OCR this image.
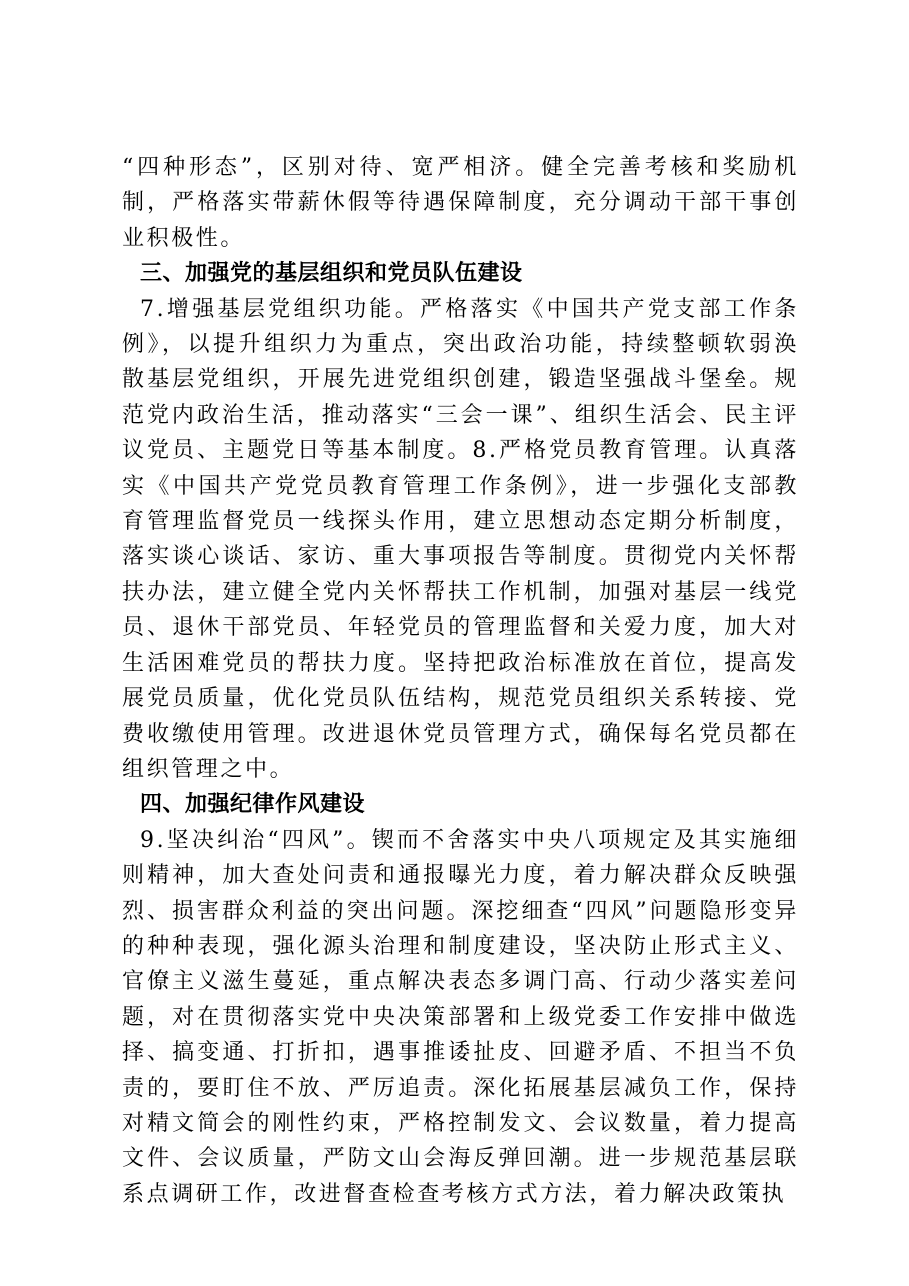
“四种形态”，区别对待、宽严相济。健全完善考核和奖励机制，严格落实带薪休假等待遇保障制度，充分调动干部干事创业积极性。

三、加强党的基层组织和党员队伍建设

7.增强基层党组织功能。严格落实《中国共产党支部工作条例》，以提升组织力为重点，突出政治功能，持续整顿软弱涣散基层党组织，开展先进党组织创建，锻造坚强战斗堡垒。规范党内政治生活，推动落实“三会一课”、组织生活会、民主评议党员、主题党日等基本制度。8.严格党员教育管理。认真落实《中国共产党党员教育管理工作条例》，进一步强化支部教育管理监督党员一线探头作用，建立思想动态定期分析制度，落实谈心谈话、家访、重大事项报告等制度。贯彻党内关怀帮扶办法，建立健全党内关怀帮扶工作机制，加强对基层一线党员、退休干部党员、年轻党员的管理监督和关爱力度，加大对生活困难党员的帮扶力度。坚持把政治标准放在首位，提高发展党员质量，优化党员队伍结构，规范党员组织关系转接、党费收缴使用管理。改进退休党员管理方式，确保每名党员都在组织管理之中。

四、加强纪律作风建设

9.坚决纠治“四风”。锲而不舍落实中央八项规定及其实施细则精神，加大查处问责和通报曝光力度，着力解决群众反映强烈、损害群众利益的突出问题。深挖细查“四风”问题隐形变异的种种表现，强化源头治理和制度建设，坚决防止形式主义、官僚主义滋生蔓延，重点解决表态多调门高、行动少落实差问题，对在贯彻落实党中央决策部署和上级党委工作安排中做选择、搞变通、打折扣，遇事推诿扯皮、回避矛盾、不担当不负责的，要盯住不放、严厉追责。深化拓展基层减负工作，保持对精文简会的刚性约束，严格控制发文、会议数量，着力提高文件、会议质量，严防文山会海反弹回潮。进一步规范基层联系点调研工作，改进督查检查考核方式方法，着力解决政策执
